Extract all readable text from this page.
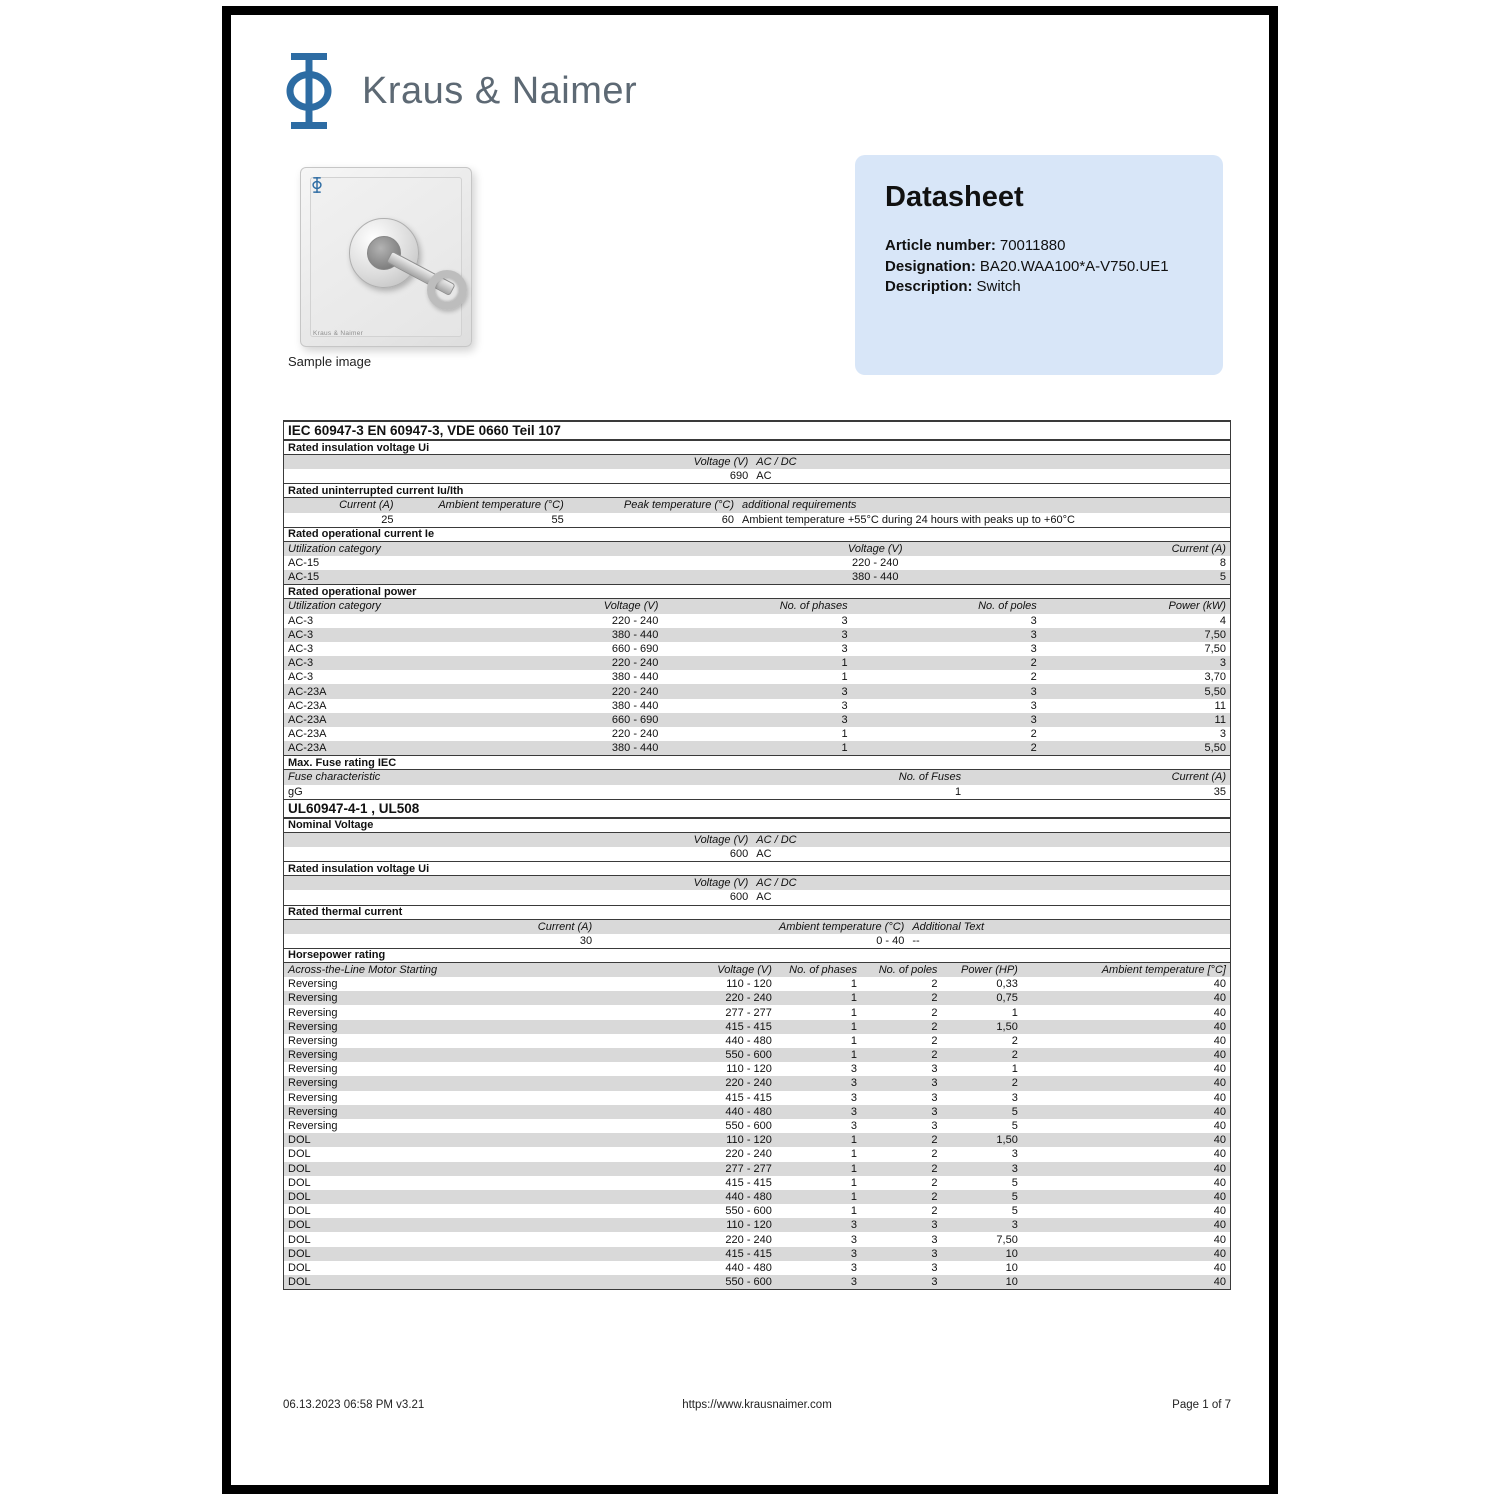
Kraus & Naimer
Kraus & Naimer
Sample image
Datasheet
Article number: 70011880
Designation: BA20.WAA100*A-V750.UE1
Description: Switch
IEC 60947-3 EN 60947-3, VDE 0660 Teil 107
Rated insulation voltage Ui
Voltage (V) AC / DC
690 AC
Rated uninterrupted current Iu/Ith
Current (A)	Ambient temperature (°C)	Peak temperature (°C) additional requirements
25	55	60 Ambient temperature +55°C during 24 hours with peaks up to +60°C
Rated operational current Ie
Utilization category	Voltage (V)	Current (A)
AC-15	220 - 240	8
AC-15	380 - 440	5
Rated operational power
Utilization category	Voltage (V)	No. of phases	No. of poles	Power (kW)
AC-3	220 - 240	3	3	4
AC-3	380 - 440	3	3	7,50
AC-3	660 - 690	3	3	7,50
AC-3	220 - 240	1	2	3
AC-3	380 - 440	1	2	3,70
AC-23A	220 - 240	3	3	5,50
AC-23A	380 - 440	3	3	11
AC-23A	660 - 690	3	3	11
AC-23A	220 - 240	1	2	3
AC-23A	380 - 440	1	2	5,50
Max. Fuse rating IEC
Fuse characteristic	No. of Fuses	Current (A)
gG	1	35
UL60947-4-1 , UL508
Nominal Voltage
Voltage (V) AC / DC
600 AC
Rated insulation voltage Ui
Voltage (V) AC / DC
600 AC
Rated thermal current
Current (A)	Ambient temperature (°C) Additional Text
30	0 - 40 --
Horsepower rating
Across-the-Line Motor Starting	Voltage (V)	No. of phases	No. of poles	Power (HP)	Ambient temperature [°C]
Reversing	110 - 120	1	2	0,33	40
Reversing	220 - 240	1	2	0,75	40
Reversing	277 - 277	1	2	1	40
Reversing	415 - 415	1	2	1,50	40
Reversing	440 - 480	1	2	2	40
Reversing	550 - 600	1	2	2	40
Reversing	110 - 120	3	3	1	40
Reversing	220 - 240	3	3	2	40
Reversing	415 - 415	3	3	3	40
Reversing	440 - 480	3	3	5	40
Reversing	550 - 600	3	3	5	40
DOL	110 - 120	1	2	1,50	40
DOL	220 - 240	1	2	3	40
DOL	277 - 277	1	2	3	40
DOL	415 - 415	1	2	5	40
DOL	440 - 480	1	2	5	40
DOL	550 - 600	1	2	5	40
DOL	110 - 120	3	3	3	40
DOL	220 - 240	3	3	7,50	40
DOL	415 - 415	3	3	10	40
DOL	440 - 480	3	3	10	40
DOL	550 - 600	3	3	10	40
06.13.2023 06:58 PM v3.21	https://www.krausnaimer.com	Page 1 of 7
